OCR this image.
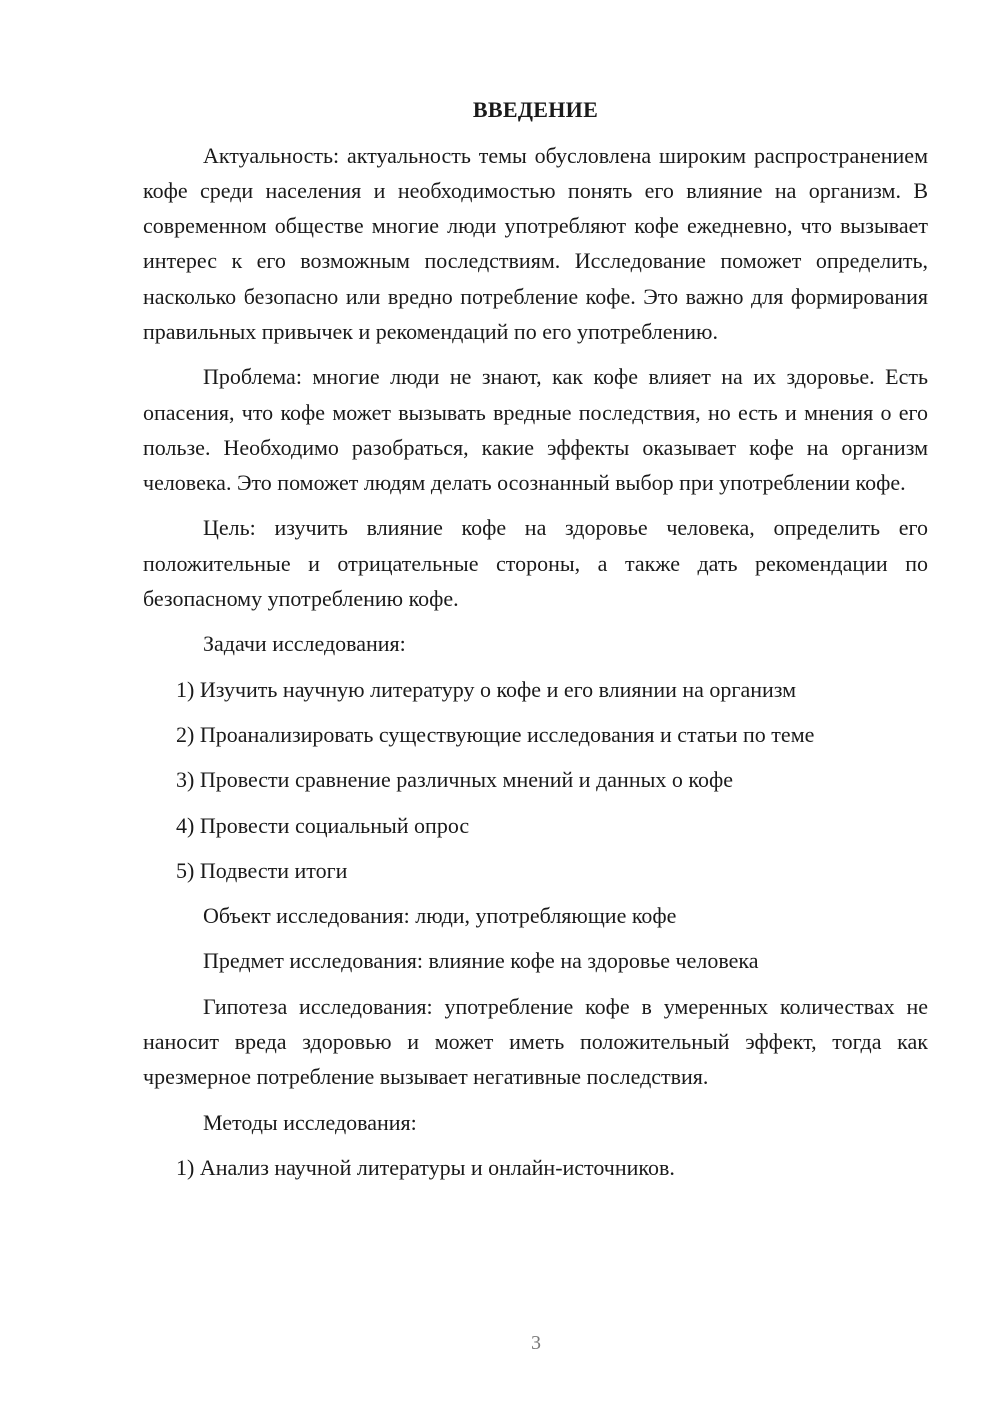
ВВЕДЕНИЕ

Актуальность: актуальность темы обусловлена широким распространением кофе среди населения и необходимостью понять его влияние на организм. В современном обществе многие люди употребляют кофе ежедневно, что вызывает интерес к его возможным последствиям. Исследование поможет определить, насколько безопасно или вредно потребление кофе. Это важно для формирования правильных привычек и рекомендаций по его употреблению.

Проблема: многие люди не знают, как кофе влияет на их здоровье. Есть опасения, что кофе может вызывать вредные последствия, но есть и мнения о его пользе. Необходимо разобраться, какие эффекты оказывает кофе на организм человека. Это поможет людям делать осознанный выбор при употреблении кофе.

Цель: изучить влияние кофе на здоровье человека, определить его положительные и отрицательные стороны, а также дать рекомендации по безопасному употреблению кофе.

Задачи исследования:
1) Изучить научную литературу о кофе и его влиянии на организм
2) Проанализировать существующие исследования и статьи по теме
3) Провести сравнение различных мнений и данных о кофе
4) Провести социальный опрос
5) Подвести итоги
Объект исследования: люди, употребляющие кофе
Предмет исследования: влияние кофе на здоровье человека

Гипотеза исследования: употребление кофе в умеренных количествах не наносит вреда здоровью и может иметь положительный эффект, тогда как чрезмерное потребление вызывает негативные последствия.

Методы исследования:
1) Анализ научной литературы и онлайн-источников.
3
